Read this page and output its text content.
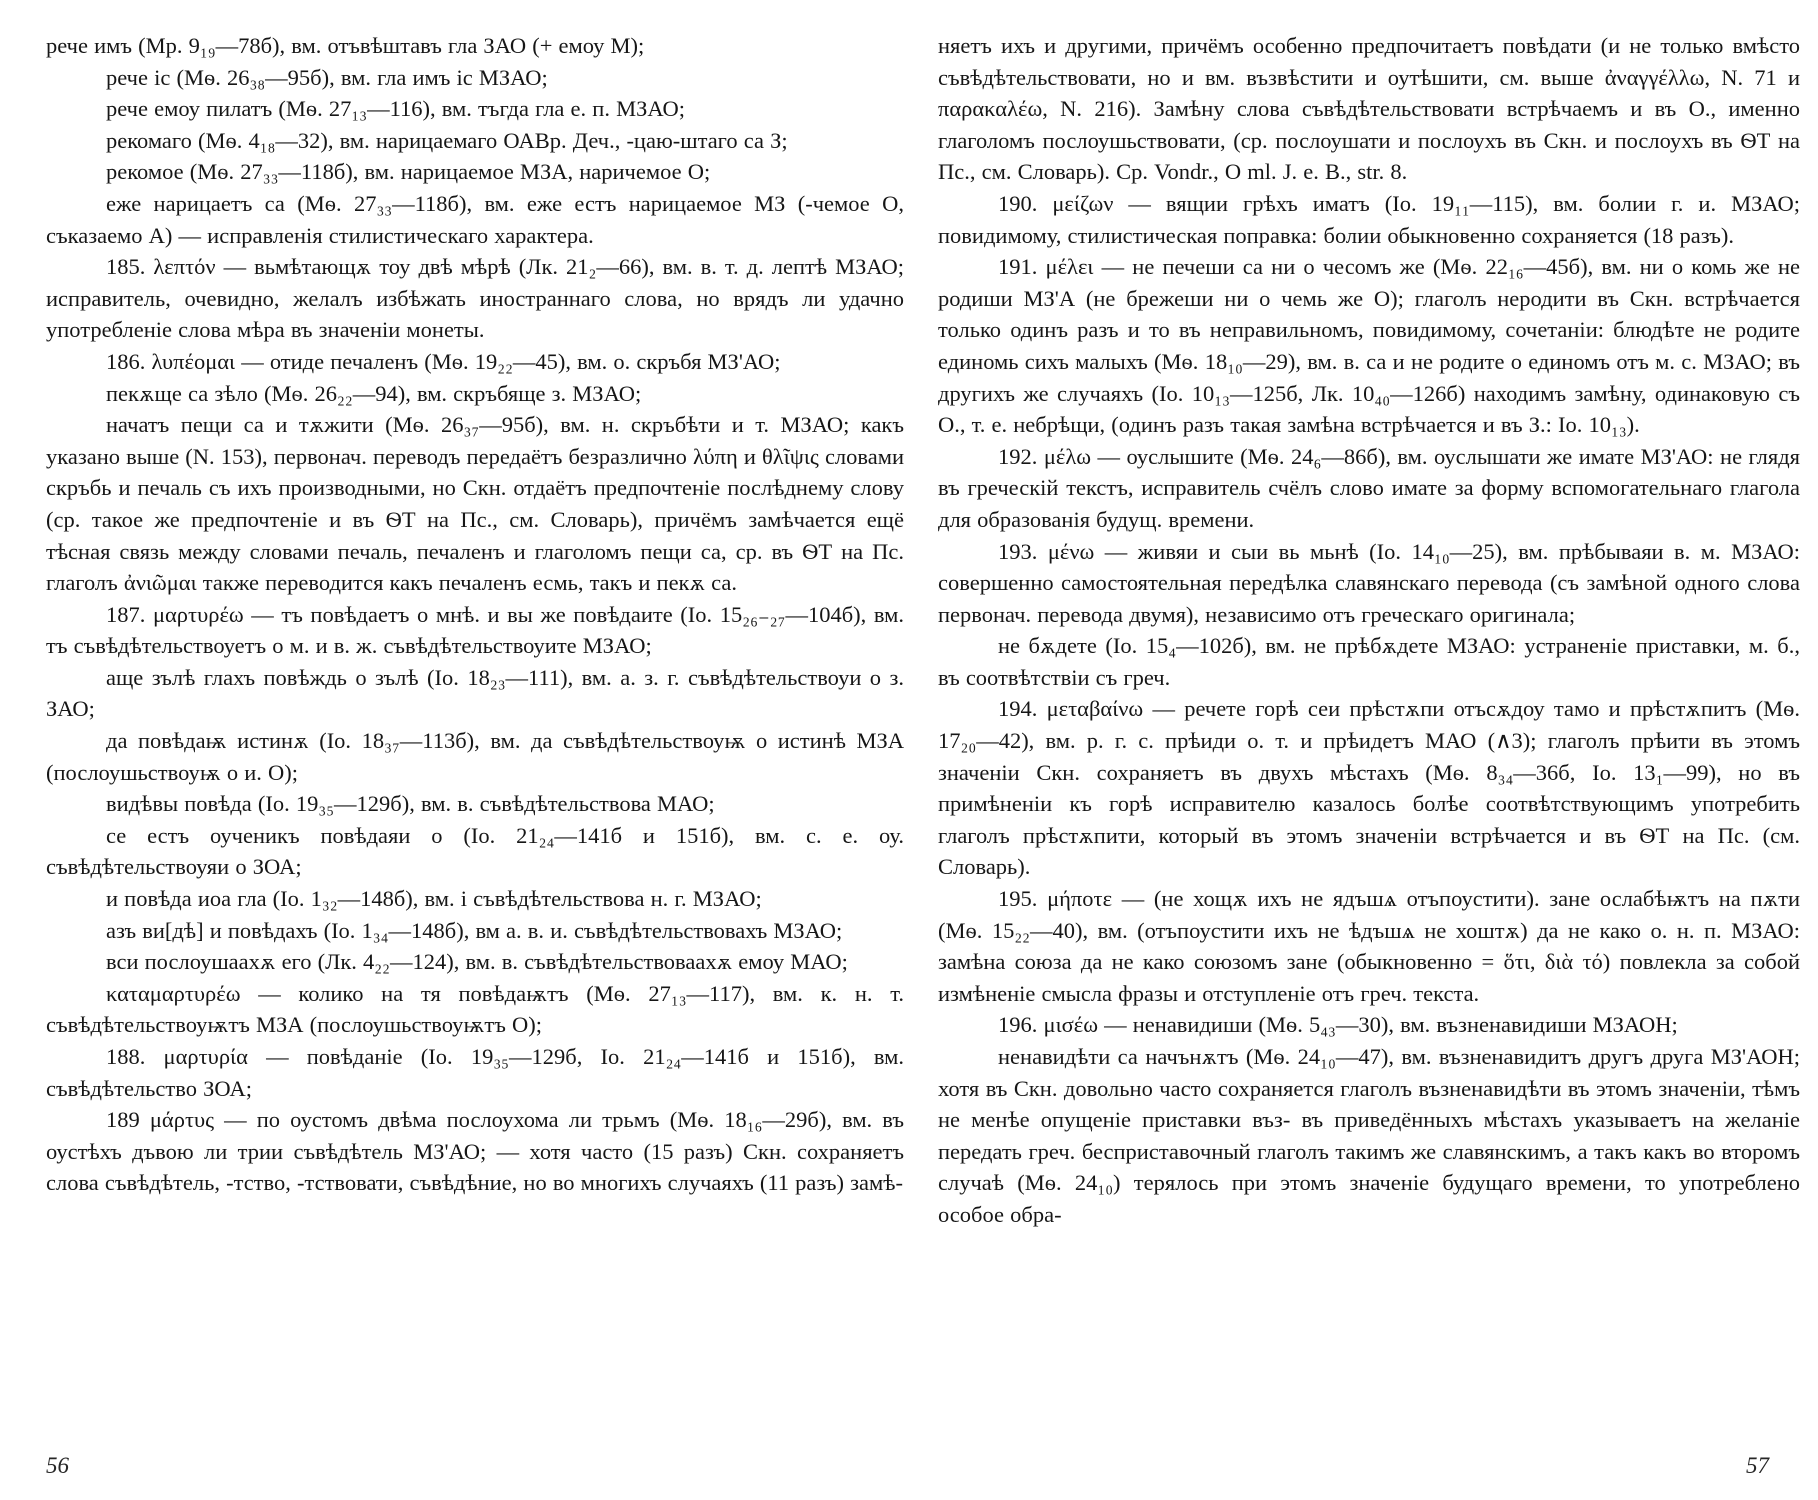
рече имъ (Мр. 9₁₉—78б), вм. отъвѣштавъ гла ЗАО (+ емоу М);

рече іс (Мѳ. 26₃₈—95б), вм. гла имъ іс МЗАО;

рече емоу пилатъ (Мѳ. 27₁₃—116), вм. тъгда гла е. п. МЗАО;

рекомаго (Мѳ. 4₁₈—32), вм. нарицаемаго ОАВр. Деч., -цаю-штаго са З;

рекомое (Мѳ. 27₃₃—118б), вм. нарицаемое МЗА, наричемое О;

еже нарицаетъ са (Мѳ. 27₃₃—118б), вм. еже естъ нарицаемое МЗ (-чемое О, съказаемо А) — исправленія стилистическаго характера.

185. λεπτόν — вьмѣтающѫ тоу двѣ мѣрѣ (Лк. 21₂—66), вм. в. т. д. лептѣ МЗАО; исправитель, очевидно, желалъ избѣжать иностраннаго слова, но врядъ ли удачно употребленіе слова мѣра въ значеніи монеты.

186. λυπέομαι — отиде печаленъ (Мѳ. 19₂₂—45), вм. о. скръбя МЗ'АО;

пекѫще са зѣло (Мѳ. 26₂₂—94), вм. скръбяще з. МЗАО;

начатъ пещи са и тѫжити (Мѳ. 26₃₇—95б), вм. н. скръбѣти и т. МЗАО; какъ указано выше (N. 153), первонач. переводъ передаётъ безразлично λύπη и θλῖψις словами скръбь и печаль съ ихъ производными, но Скн. отдаётъ предпочтеніе послѣднему слову (ср. такое же предпочтеніе и въ ѲТ на Пс., см. Словарь), причёмъ замѣчается ещё тѣсная связь между словами печаль, печаленъ и глаголомъ пещи са, ср. въ ѲТ на Пс. глаголъ ἀνιῶμαι также переводится какъ печаленъ есмь, такъ и пекѫ са.

187. μαρτυρέω — тъ повѣдаетъ о мнѣ. и вы же повѣдаите (Іо. 15₂₆₋₂₇—104б), вм. тъ съвѣдѣтельствоуетъ о м. и в. ж. съвѣдѣтельствоуите МЗАО;

аще зълѣ глахъ повѣждь о зълѣ (Іо. 18₂₃—111), вм. а. з. г. съвѣдѣтельствоуи о з. ЗАО;

да повѣдаѭ истинѫ (Іо. 18₃₇—113б), вм. да съвѣдѣтельствоуѭ о истинѣ МЗА (послоушьствоуѭ о и. О);

видѣвы повѣда (Іо. 19₃₅—129б), вм. в. съвѣдѣтельствова МАО;

се естъ оученикъ повѣдаяи о (Іо. 21₂₄—141б и 151б), вм. с. е. оу. съвѣдѣтельствоуяи о ЗОА;

и повѣда иоа гла (Іо. 1₃₂—148б), вм. і съвѣдѣтельствова н. г. МЗАО;

азъ ви[дѣ] и повѣдахъ (Іо. 1₃₄—148б), вм а. в. и. съвѣдѣтельствовахъ МЗАО;

вси послоушаахѫ его (Лк. 4₂₂—124), вм. в. съвѣдѣтельствоваахѫ емоу МАО;

καταμαρτυρέω — колико на тя повѣдаѭтъ (Мѳ. 27₁₃—117), вм. к. н. т. съвѣдѣтельствоуѭтъ МЗА (послоушьствоуѭтъ О);

188. μαρτυρία — повѣданіе (Іо. 19₃₅—129б, Іо. 21₂₄—141б и 151б), вм. съвѣдѣтельство ЗОА;

189 μάρτυς — по оустомъ двѣма послоухома ли трьмъ (Мѳ. 18₁₆—29б), вм. въ оустѣхъ дъвою ли трии съвѣдѣтель МЗ'АО; — хотя часто (15 разъ) Скн. сохраняетъ слова съвѣдѣтель, -тство, -тствовати, съвѣдѣние, но во многихъ случаяхъ (11 разъ) замѣ-

няетъ ихъ и другими, причёмъ особенно предпочитаетъ повѣдати (и не только вмѣсто съвѣдѣтельствовати, но и вм. възвѣстити и оутѣшити, см. выше ἀναγγέλλω, N. 71 и παρακαλέω, N. 216). Замѣну слова съвѣдѣтельствовати встрѣчаемъ и въ О., именно глаголомъ послоушьствовати, (ср. послоушати и послоухъ въ Скн. и послоухъ въ ѲТ на Пс., см. Словарь). Ср. Vondr., O ml. J. e. B., str. 8.

190. μείζων — вящии грѣхъ иматъ (Іо. 19₁₁—115), вм. болии г. и. МЗАО; повидимому, стилистическая поправка: болии обыкновенно сохраняется (18 разъ).

191. μέλει — не печеши са ни о чесомъ же (Мѳ. 22₁₆—45б), вм. ни о комь же не родиши МЗ'А (не брежеши ни о чемь же О); глаголъ неродити въ Скн. встрѣчается только одинъ разъ и то въ неправильномъ, повидимому, сочетаніи: блюдѣте не родите единомь сихъ малыхъ (Мѳ. 18₁₀—29), вм. в. са и не родите о единомъ отъ м. с. МЗАО; въ другихъ же случаяхъ (Іо. 10₁₃—125б, Лк. 10₄₀—126б) находимъ замѣну, одинаковую съ О., т. е. небрѣщи, (одинъ разъ такая замѣна встрѣчается и въ З.: Іо. 10₁₃).

192. μέλω — оуслышите (Мѳ. 24₆—86б), вм. оуслышати же имате МЗ'АО: не глядя въ греческій текстъ, исправитель счёлъ слово имате за форму вспомогательнаго глагола для образованія будущ. времени.

193. μένω — живяи и сыи вь мьнѣ (Іо. 14₁₀—25), вм. прѣбываяи в. м. МЗАО: совершенно самостоятельная передѣлка славянскаго перевода (съ замѣной одного слова первонач. перевода двумя), независимо отъ греческаго оригинала;

не бѫдете (Іо. 15₄—102б), вм. не прѣбѫдете МЗАО: устраненіе приставки, м. б., въ соотвѣтствіи съ греч.

194. μεταβαίνω — речете горѣ сеи прѣстѫпи отъсѫдоу тамо и прѣстѫпитъ (Мѳ. 17₂₀—42), вм. р. г. с. прѣиди о. т. и прѣидетъ МАО (∧3); глаголъ прѣити въ этомъ значеніи Скн. сохраняетъ въ двухъ мѣстахъ (Мѳ. 8₃₄—36б, Іо. 13₁—99), но въ примѣненіи къ горѣ исправителю казалось болѣе соотвѣтствующимъ употребить глаголъ прѣстѫпити, который въ этомъ значеніи встрѣчается и въ ѲТ на Пс. (см. Словарь).

195. μήποτε — (не хощѫ ихъ не ядъшѧ отъпоустити). зане ослабѣѭтъ на пѫти (Мѳ. 15₂₂—40), вм. (отъпоустити ихъ не ѣдъшѧ не хоштѫ) да не како о. н. п. МЗАО: замѣна союза да не како союзомъ зане (обыкновенно = ὅτι, διὰ τό) повлекла за собой измѣненіе смысла фразы и отступленіе отъ греч. текста.

196. μισέω — ненавидиши (Мѳ. 5₄₃—30), вм. възненавидиши МЗАОН;

ненавидѣти са начънѫтъ (Мѳ. 24₁₀—47), вм. възненавидитъ другъ друга МЗ'АОН; хотя въ Скн. довольно часто сохраняется глаголъ възненавидѣти въ этомъ значеніи, тѣмъ не менѣе опущеніе приставки въз- въ приведённыхъ мѣстахъ указываетъ на желаніе передать греч. бесприставочный глаголъ такимъ же славянскимъ, а такъ какъ во второмъ случаѣ (Мѳ. 24₁₀) терялось при этомъ значеніе будущаго времени, то употреблено особое обра-

56	57
